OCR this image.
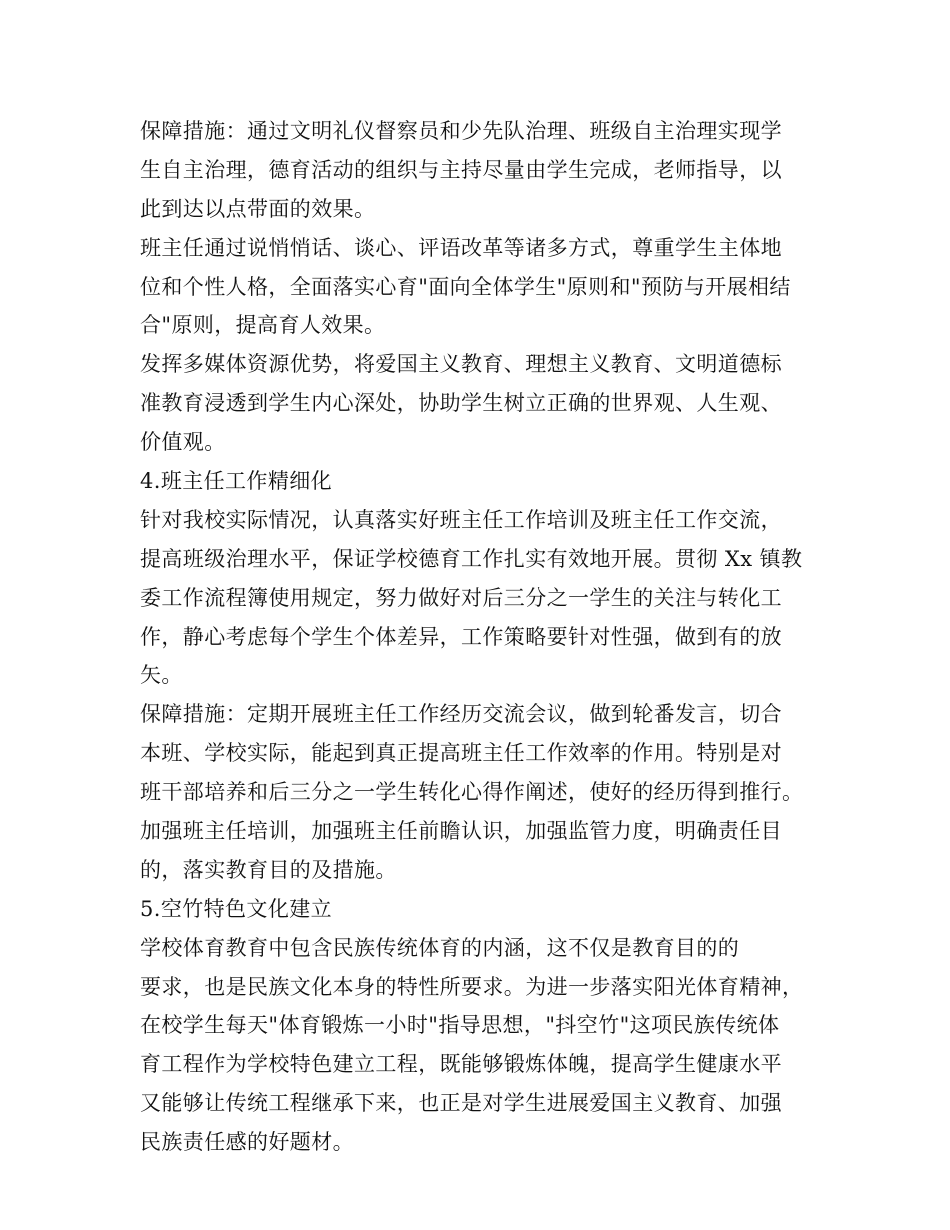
保障措施：通过文明礼仪督察员和少先队治理、班级自主治理实现学
生自主治理，德育活动的组织与主持尽量由学生完成，老师指导，以
此到达以点带面的效果。
班主任通过说悄悄话、谈心、评语改革等诸多方式，尊重学生主体地
位和个性人格，全面落实心育"面向全体学生"原则和"预防与开展相结
合"原则，提高育人效果。
发挥多媒体资源优势，将爱国主义教育、理想主义教育、文明道德标
准教育浸透到学生内心深处，协助学生树立正确的世界观、人生观、
价值观。
4.班主任工作精细化
针对我校实际情况，认真落实好班主任工作培训及班主任工作交流，
提高班级治理水平，保证学校德育工作扎实有效地开展。贯彻 Xx 镇教
委工作流程簿使用规定，努力做好对后三分之一学生的关注与转化工
作，静心考虑每个学生个体差异，工作策略要针对性强，做到有的放
矢。
保障措施：定期开展班主任工作经历交流会议，做到轮番发言，切合
本班、学校实际，能起到真正提高班主任工作效率的作用。特别是对
班干部培养和后三分之一学生转化心得作阐述，使好的经历得到推行。
加强班主任培训，加强班主任前瞻认识，加强监管力度，明确责任目
的，落实教育目的及措施。
5.空竹特色文化建立
学校体育教育中包含民族传统体育的内涵，这不仅是教育目的的
要求，也是民族文化本身的特性所要求。为进一步落实阳光体育精神，
在校学生每天"体育锻炼一小时"指导思想，"抖空竹"这项民族传统体
育工程作为学校特色建立工程，既能够锻炼体魄，提高学生健康水平
又能够让传统工程继承下来，也正是对学生进展爱国主义教育、加强
民族责任感的好题材。
